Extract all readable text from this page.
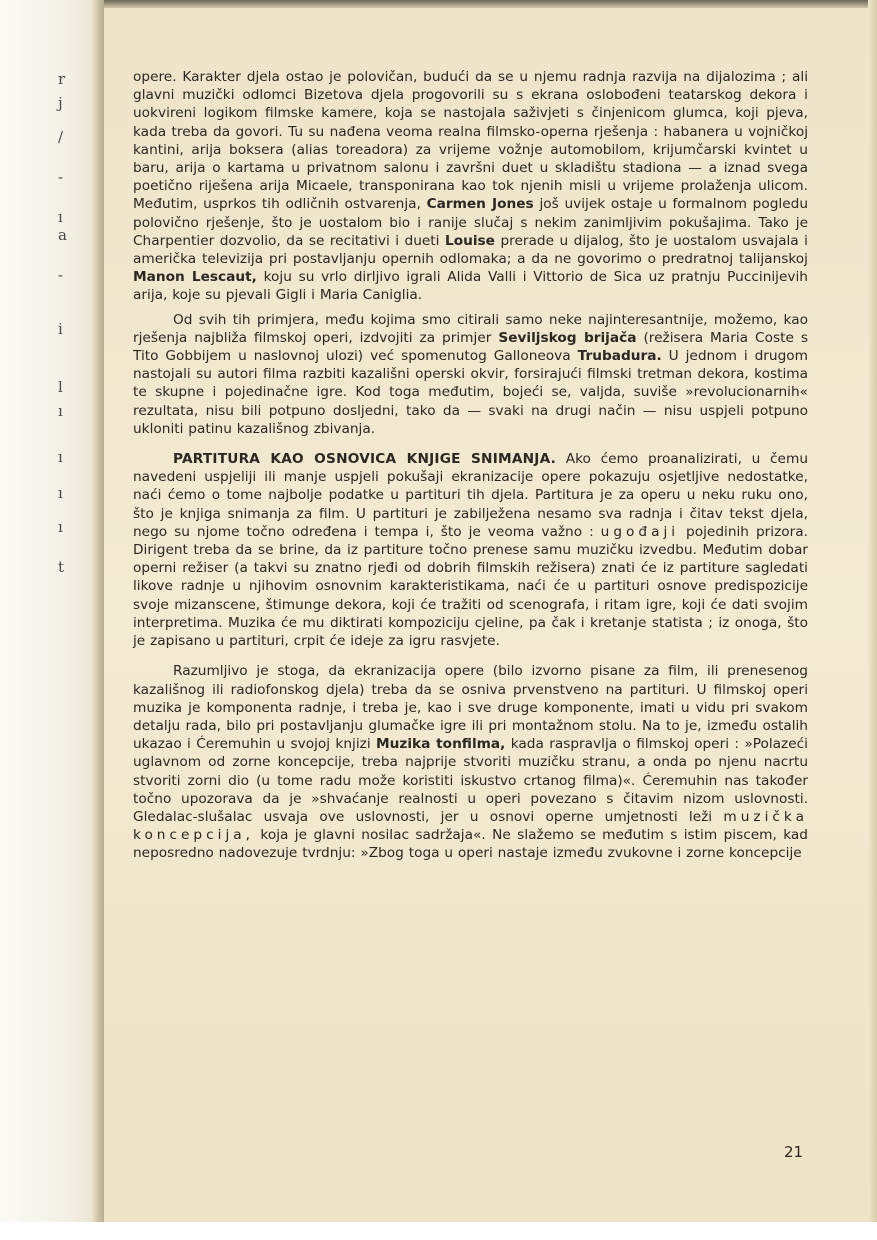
r
j
/
-
ı
a
-
i
l
ı
ı
ı
ı
t

opere. Karakter djela ostao je polovičan, budući da se u njemu radnja razvija na dijalozima ; ali glavni muzički odlomci Bizetova djela progovorili su s ekrana oslobođeni teatarskog dekora i uokvireni logikom filmske kamere, koja se nastojala saživjeti s činjenicom glumca, koji pjeva, kada treba da govori. Tu su nađena veoma realna filmsko-operna rješenja : habanera u vojničkoj kantini, arija boksera (alias toreadora) za vrijeme vožnje automobilom, krijumčarski kvintet u baru, arija o kartama u privatnom salonu i završni duet u skladištu stadiona — a iznad svega poetično riješena arija Micaele, transponirana kao tok njenih misli u vrijeme prolaženja ulicom. Međutim, usprkos tih odličnih ostvarenja, Carmen Jones još uvijek ostaje u formalnom pogledu polovično rješenje, što je uostalom bio i ranije slučaj s nekim zanimljivim pokušajima. Tako je Charpentier dozvolio, da se recitativi i dueti Louise prerade u dijalog, što je uostalom usvajala i američka televizija pri postavljanju opernih odlomaka; a da ne govorimo o predratnoj talijanskoj Manon Lescaut, koju su vrlo dirljivo igrali Alida Valli i Vittorio de Sica uz pratnju Puccinijevih arija, koje su pjevali Gigli i Maria Caniglia.

Od svih tih primjera, među kojima smo citirali samo neke najinteresantnije, možemo, kao rješenja najbliža filmskoj operi, izdvojiti za primjer Seviljskog brijača (režisera Maria Coste s Tito Gobbijem u naslovnoj ulozi) već spomenutog Galloneova Trubadura. U jednom i drugom nastojali su autori filma razbiti kazališni operski okvir, forsirajući filmski tretman dekora, kostima te skupne i pojedinačne igre. Kod toga međutim, bojeći se, valjda, suviše »revolucionarnih« rezultata, nisu bili potpuno dosljedni, tako da — svaki na drugi način — nisu uspjeli potpuno ukloniti patinu kazališnog zbivanja.

PARTITURA KAO OSNOVICA KNJIGE SNIMANJA. Ako ćemo proanalizirati, u čemu navedeni uspjeliji ili manje uspjeli pokušaji ekranizacije opere pokazuju osjetljive nedostatke, naći ćemo o tome najbolje podatke u partituri tih djela. Partitura je za operu u neku ruku ono, što je knjiga snimanja za film. U partituri je zabilježena nesamo sva radnja i čitav tekst djela, nego su njome točno određena i tempa i, što je veoma važno : ugođaji pojedinih prizora. Dirigent treba da se brine, da iz partiture točno prenese samu muzičku izvedbu. Međutim dobar operni režiser (a takvi su znatno rjeđi od dobrih filmskih režisera) znati će iz partiture sagledati likove radnje u njihovim osnovnim karakteristikama, naći će u partituri osnove predispozicije svoje mizanscene, štimunge dekora, koji će tražiti od scenografa, i ritam igre, koji će dati svojim interpretima. Muzika će mu diktirati kompoziciju cjeline, pa čak i kretanje statista ; iz onoga, što je zapisano u partituri, crpit će ideje za igru rasvjete.

Razumljivo je stoga, da ekranizacija opere (bilo izvorno pisane za film, ili prenesenog kazališnog ili radiofonskog djela) treba da se osniva prvenstveno na partituri. U filmskoj operi muzika je komponenta radnje, i treba je, kao i sve druge komponente, imati u vidu pri svakom detalju rada, bilo pri postavljanju glumačke igre ili pri montažnom stolu. Na to je, između ostalih ukazao i Ćeremuhin u svojoj knjizi Muzika tonfilma, kada raspravlja o filmskoj operi : »Polazeći uglavnom od zorne koncepcije, treba najprije stvoriti muzičku stranu, a onda po njenu nacrtu stvoriti zorni dio (u tome radu može koristiti iskustvo crtanog filma)«. Ćeremuhin nas također točno upozorava da je »shvaćanje realnosti u operi povezano s čitavim nizom uslovnosti. Gledalac-slušalac usvaja ove uslovnosti, jer u osnovi operne umjetnosti leži muzička koncepcija, koja je glavni nosilac sadržaja«. Ne slažemo se međutim s istim piscem, kad neposredno nadovezuje tvrdnju: »Zbog toga u operi nastaje između zvukovne i zorne koncepcije

21
